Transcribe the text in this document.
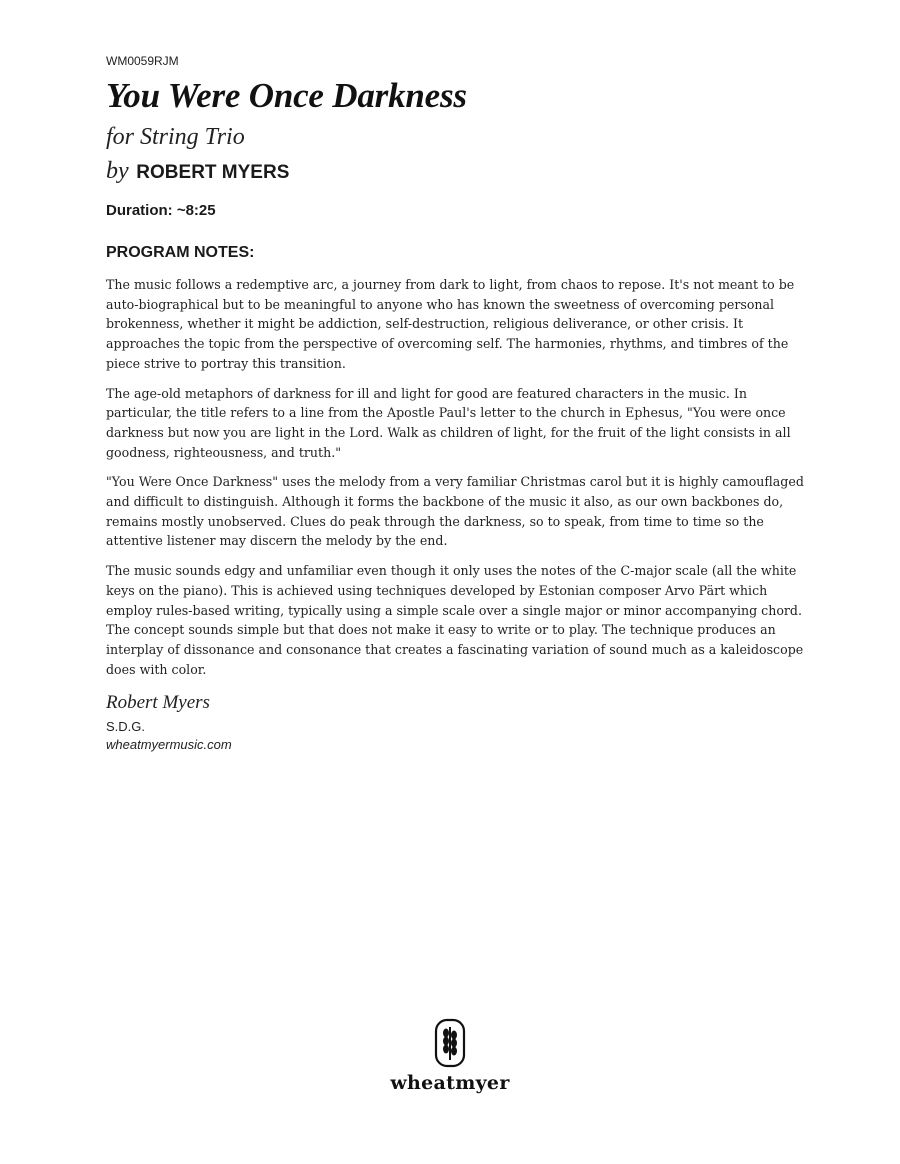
WM0059RJM
You Were Once Darkness
for String Trio
by ROBERT MYERS
Duration: ~8:25
PROGRAM NOTES:

The music follows a redemptive arc, a journey from dark to light, from chaos to repose. It's not meant to be auto-biographical but to be meaningful to anyone who has known the sweetness of overcoming personal brokenness, whether it might be addiction, self-destruction, religious deliverance, or other crisis. It approaches the topic from the perspective of overcoming self. The harmonies, rhythms, and timbres of the piece strive to portray this transition.

The age-old metaphors of darkness for ill and light for good are featured characters in the music. In particular, the title refers to a line from the Apostle Paul's letter to the church in Ephesus, "You were once darkness but now you are light in the Lord. Walk as children of light, for the fruit of the light consists in all goodness, righteousness, and truth."

"You Were Once Darkness" uses the melody from a very familiar Christmas carol but it is highly camouflaged and difficult to distinguish. Although it forms the backbone of the music it also, as our own backbones do, remains mostly unobserved. Clues do peak through the darkness, so to speak, from time to time so the attentive listener may discern the melody by the end.

The music sounds edgy and unfamiliar even though it only uses the notes of the C-major scale (all the white keys on the piano). This is achieved using techniques developed by Estonian composer Arvo Pärt which employ rules-based writing, typically using a simple scale over a single major or minor accompanying chord. The concept sounds simple but that does not make it easy to write or to play. The technique produces an interplay of dissonance and consonance that creates a fascinating variation of sound much as a kaleidoscope does with color.

Robert Myers
S.D.G.
wheatmyermusic.com
wheatmyer
